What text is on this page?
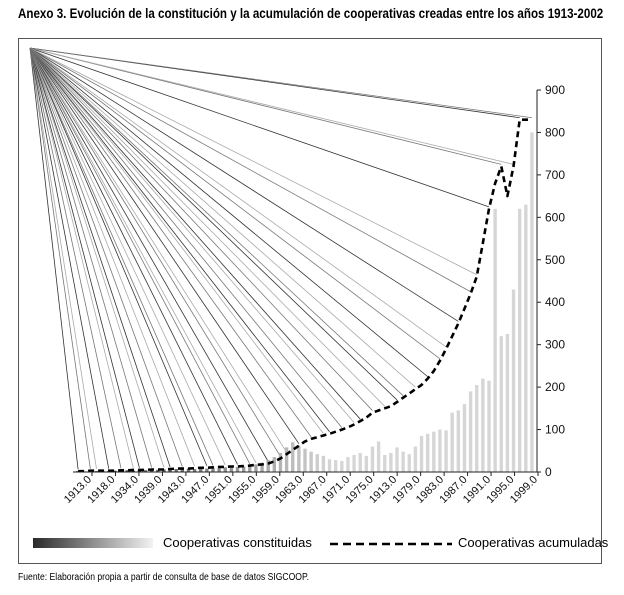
Anexo 3. Evolución de la constitución y la acumulación de cooperativas creadas entre los años 1913-2002
0
100
200
300
400
500
600
700
800
900
1913.0
1918.0
1934.0
1939.0
1943.0
1947.0
1951.0
1955.0
1959.0
1963.0
1967.0
1971.0
1975.0
1913.0
1979.0
1983.0
1987.0
1991.0
1995.0
1999.0
Cooperativas constituidas	Cooperativas acumuladas
Fuente: Elaboración propia a partir de consulta de base de datos SIGCOOP.
